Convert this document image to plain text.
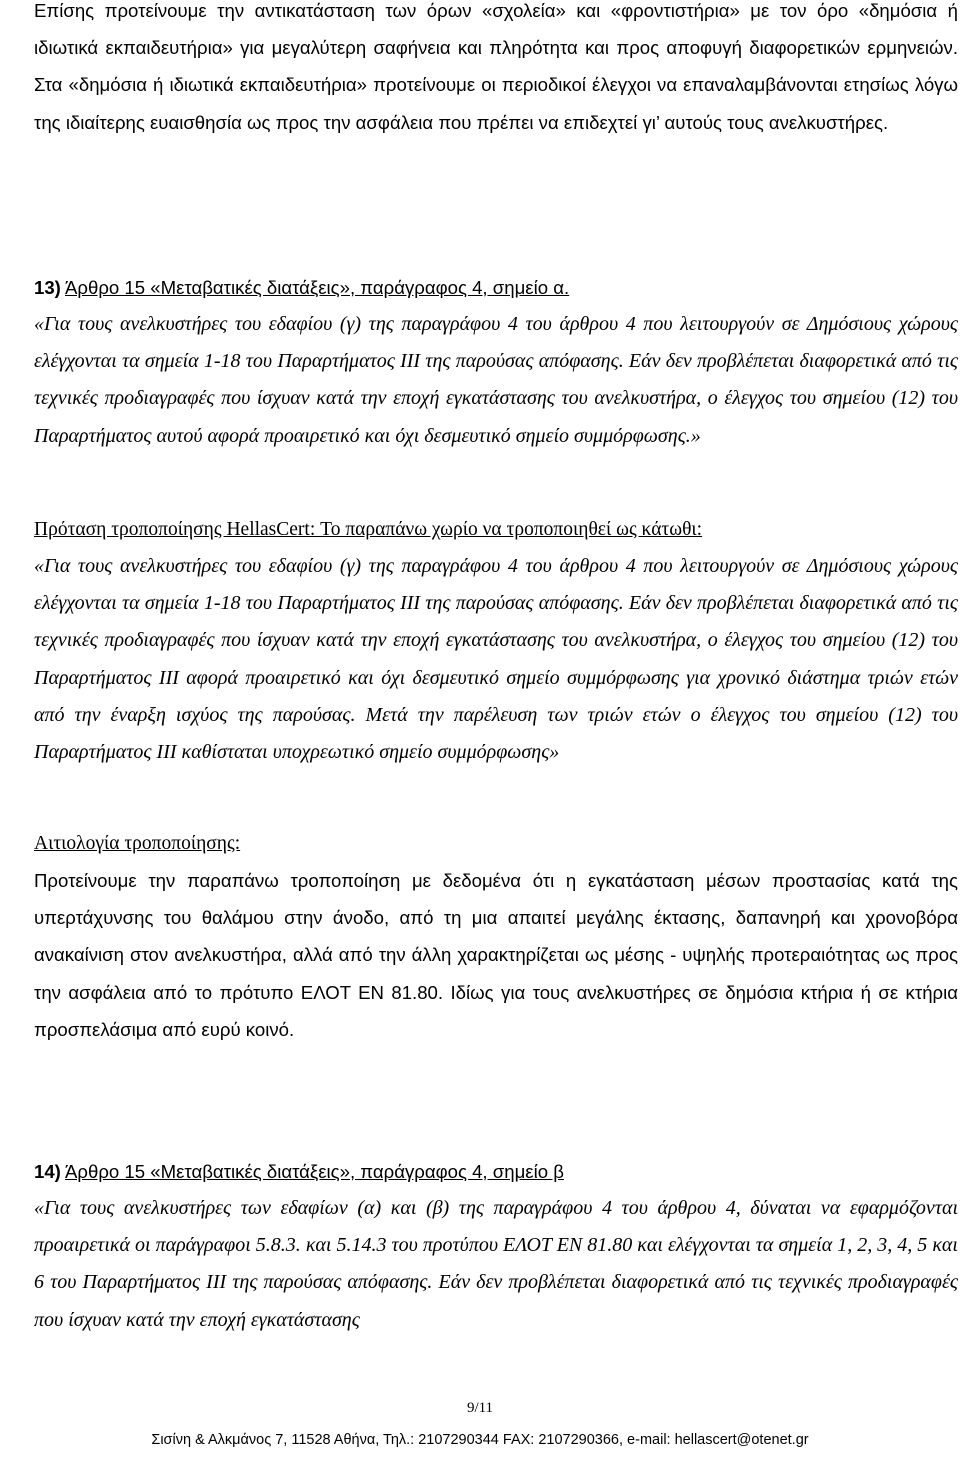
Επίσης προτείνουμε την αντικατάσταση των όρων «σχολεία» και «φροντιστήρια» με τον όρο «δημόσια ή ιδιωτικά εκπαιδευτήρια» για μεγαλύτερη σαφήνεια και πληρότητα και προς αποφυγή διαφορετικών ερμηνειών. Στα «δημόσια ή ιδιωτικά εκπαιδευτήρια» προτείνουμε οι περιοδικοί έλεγχοι να επαναλαμβάνονται ετησίως λόγω της ιδιαίτερης ευαισθησία ως προς την ασφάλεια που πρέπει να επιδεχτεί γι’ αυτούς τους ανελκυστήρες.

13) Άρθρο 15 «Μεταβατικές διατάξεις», παράγραφος 4, σημείο α.

«Για τους ανελκυστήρες του εδαφίου (γ) της παραγράφου 4 του άρθρου 4 που λειτουργούν σε Δημόσιους χώρους ελέγχονται τα σημεία 1-18 του Παραρτήματος ΙΙΙ της παρούσας απόφασης. Εάν δεν προβλέπεται διαφορετικά από τις τεχνικές προδιαγραφές που ίσχυαν κατά την εποχή εγκατάστασης του ανελκυστήρα, ο έλεγχος του σημείου (12) του Παραρτήματος αυτού αφορά προαιρετικό και όχι δεσμευτικό σημείο συμμόρφωσης.»

Πρόταση τροποποίησης HellasCert: Το παραπάνω χωρίο να τροποποιηθεί ως κάτωθι:

«Για τους ανελκυστήρες του εδαφίου (γ) της παραγράφου 4 του άρθρου 4 που λειτουργούν σε Δημόσιους χώρους ελέγχονται τα σημεία 1-18 του Παραρτήματος ΙΙΙ της παρούσας απόφασης. Εάν δεν προβλέπεται διαφορετικά από τις τεχνικές προδιαγραφές που ίσχυαν κατά την εποχή εγκατάστασης του ανελκυστήρα, ο έλεγχος του σημείου (12) του Παραρτήματος ΙΙΙ αφορά προαιρετικό και όχι δεσμευτικό σημείο συμμόρφωσης για χρονικό διάστημα τριών ετών από την έναρξη ισχύος της παρούσας. Μετά την παρέλευση των τριών ετών ο έλεγχος του σημείου (12) του Παραρτήματος ΙΙΙ καθίσταται υποχρεωτικό σημείο συμμόρφωσης»

Αιτιολογία τροποποίησης:

Προτείνουμε την παραπάνω τροποποίηση με δεδομένα ότι η εγκατάσταση μέσων προστασίας κατά της υπερτάχυνσης του θαλάμου στην άνοδο, από τη μια απαιτεί μεγάλης έκτασης, δαπανηρή και χρονοβόρα ανακαίνιση στον ανελκυστήρα, αλλά από την άλλη χαρακτηρίζεται ως μέσης - υψηλής προτεραιότητας ως προς την ασφάλεια από το πρότυπο ΕΛΟΤ ΕΝ 81.80. Ιδίως για τους ανελκυστήρες σε δημόσια κτήρια ή σε κτήρια προσπελάσιμα από ευρύ κοινό.

14) Άρθρο 15 «Μεταβατικές διατάξεις», παράγραφος 4, σημείο β

«Για τους ανελκυστήρες των εδαφίων (α) και (β) της παραγράφου 4 του άρθρου 4, δύναται να εφαρμόζονται προαιρετικά οι παράγραφοι 5.8.3. και 5.14.3 του προτύπου ΕΛΟΤ ΕΝ 81.80 και ελέγχονται τα σημεία 1, 2, 3, 4, 5 και 6 του Παραρτήματος ΙΙΙ της παρούσας απόφασης. Εάν δεν προβλέπεται διαφορετικά από τις τεχνικές προδιαγραφές που ίσχυαν κατά την εποχή εγκατάστασης

9/11
Σισίνη & Αλκμάνος 7, 11528 Αθήνα, Τηλ.: 2107290344 FAX: 2107290366, e-mail: hellascert@otenet.gr
